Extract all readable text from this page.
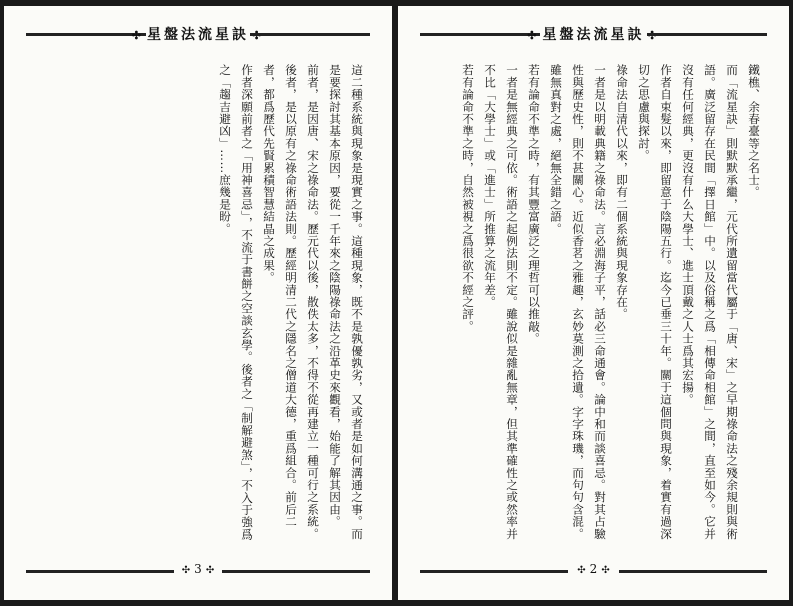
✣ 星盤法流星訣 ✣

這二種系統與現象是現實之事。這種現象，既不是孰優孰劣，又或者是如何溝通之事。而是要探討其基本原因，要從一千年來之陰陽祿命法之沿革史來觀看，始能了解其因由。

前者，是因唐、宋之祿命法。歷元代以後，散佚太多，不得不從再建立一種可行之系統。後者，是以原有之祿命術語法則。歷經明清二代之隱名之僧道大德，重爲組合。前后二者，都爲歷代先賢累積智慧結晶之成果。

作者深願前者之「用神喜忌」，不流于書餅之空談玄學。後者之「制解避煞」，不入于強爲之「趨吉避凶」……庶幾是盼。

✣ 3 ✣
✣ 星盤法流星訣 ✣

鐵樵、余春臺等之名士。

而「流星訣」則默默承繼，元代所遺留當代屬于「唐、宋」之早期祿命法之殘余規則與術語。廣泛留存在民間「擇日館」中。以及俗稱之爲「相傳命相館」之間，直至如今。它并沒有任何經典，更沒有什么大學士、進士頂戴之人士爲其宏揚。

作者自束髮以來，即留意于陰陽五行。迄今已垂三十年。關于這個問與現象，着實有過深切之思慮與探討。

祿命法自清代以來，即有二個系統與現象存在。

一者是以明載典籍之祿命法。言必淵海子平，話必三命通會。論中和而談喜忌。對其占驗性與歷史性，則不甚關心。近似香茗之雅趣，玄妙莫測之拾遺。字字珠璣，而句句含混。雖無真對之處，絕無全錯之語。

若有論命不準之時，有其豐富廣泛之理哲可以推敲。

一者是無經典之可依。術語之起例法則不定。雖說似是雜亂無章，但其準確性之或然率并不比「大學士」或「進士」所推算之流年差。

若有論命不準之時，自然被視之爲很欲不經之評。

✣ 2 ✣
